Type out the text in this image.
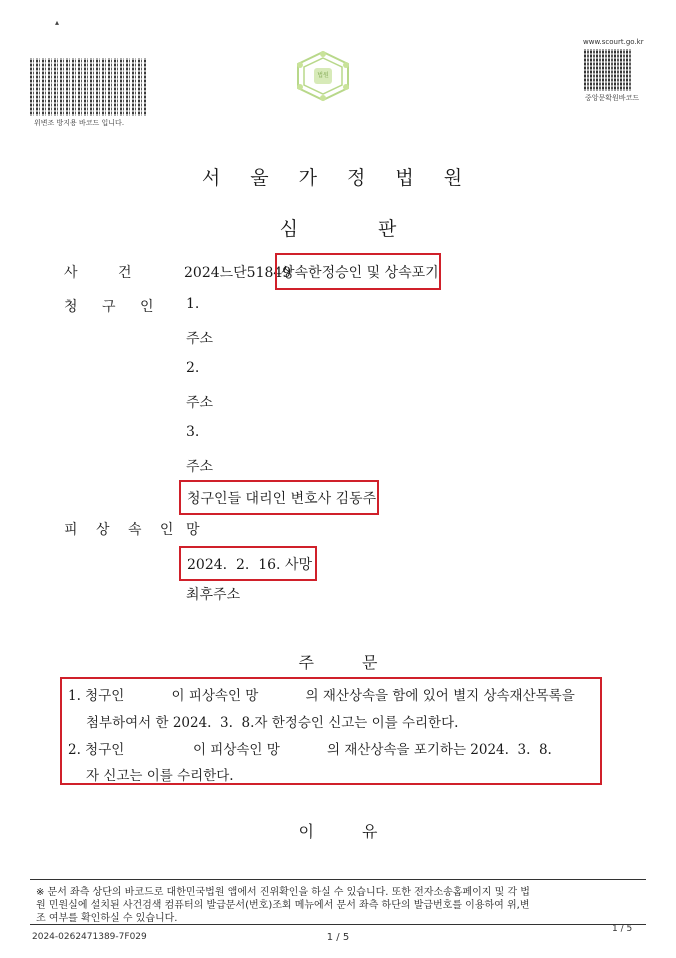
▴
위변조 방지용 바코드 입니다.
법원
www.scourt.go.kr
중앙문확원바코드
서 울 가 정 법 원
심	판
사 건 2024느단51849
상속한정승인 및 상속포기
청 구 인 1.
주소
2.
주소
3.
주소
청구인들 대리인 변호사 김동주
피 상 속 인 망
2024.  2.  16. 사망
최후주소
주	문
1. 청구인           이 피상속인 망           의 재산상속을 함에 있어 별지 상속재산목록을
첨부하여서 한 2024.  3.  8.자 한정승인 신고는 이를 수리한다.
2. 청구인                이 피상속인 망           의 재산상속을 포기하는 2024.  3.  8.
자 신고는 이를 수리한다.
이	유
※ 문서 좌측 상단의 바코드로 대한민국법원 앱에서 진위확인을 하실 수 있습니다. 또한 전자소송홈페이지 및 각 법
원 민원실에 설치된 사건검색 컴퓨터의 발급문서(번호)조회 메뉴에서 문서 좌측 하단의 발급번호를 이용하여 위,변
조 여부를 확인하실 수 있습니다.
2024-0262471389-7F029	1 / 5
1 / 5
